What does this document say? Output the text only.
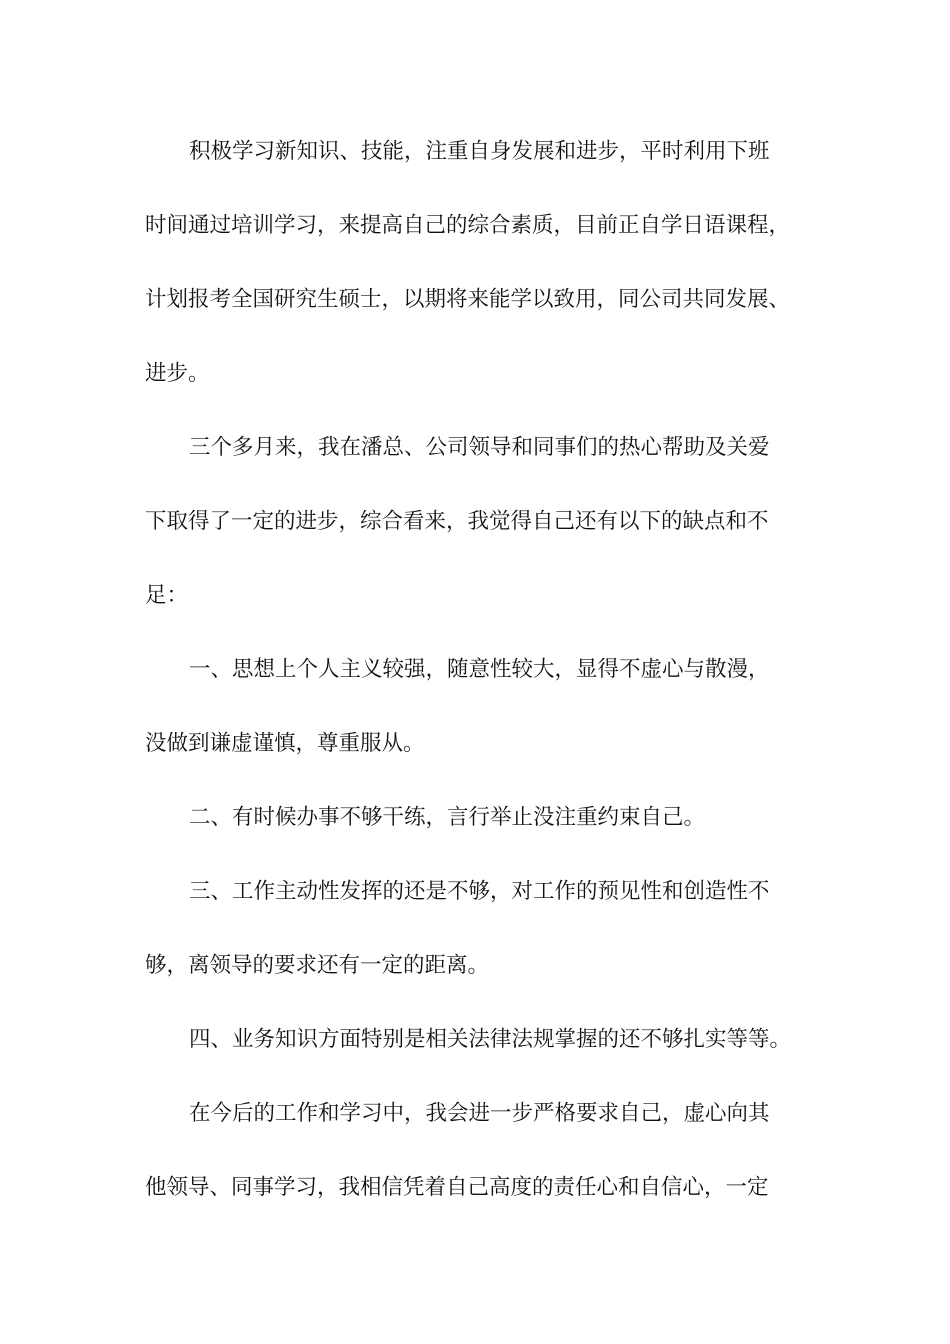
积极学习新知识、技能，注重自身发展和进步，平时利用下班
时间通过培训学习，来提高自己的综合素质，目前正自学日语课程，
计划报考全国研究生硕士，以期将来能学以致用，同公司共同发展、
进步。
三个多月来，我在潘总、公司领导和同事们的热心帮助及关爱
下取得了一定的进步，综合看来，我觉得自己还有以下的缺点和不
足：
一、思想上个人主义较强，随意性较大，显得不虚心与散漫，
没做到谦虚谨慎，尊重服从。
二、有时候办事不够干练，言行举止没注重约束自己。
三、工作主动性发挥的还是不够，对工作的预见性和创造性不
够，离领导的要求还有一定的距离。
四、业务知识方面特别是相关法律法规掌握的还不够扎实等等。
在今后的工作和学习中，我会进一步严格要求自己，虚心向其
他领导、同事学习，我相信凭着自己高度的责任心和自信心，一定
